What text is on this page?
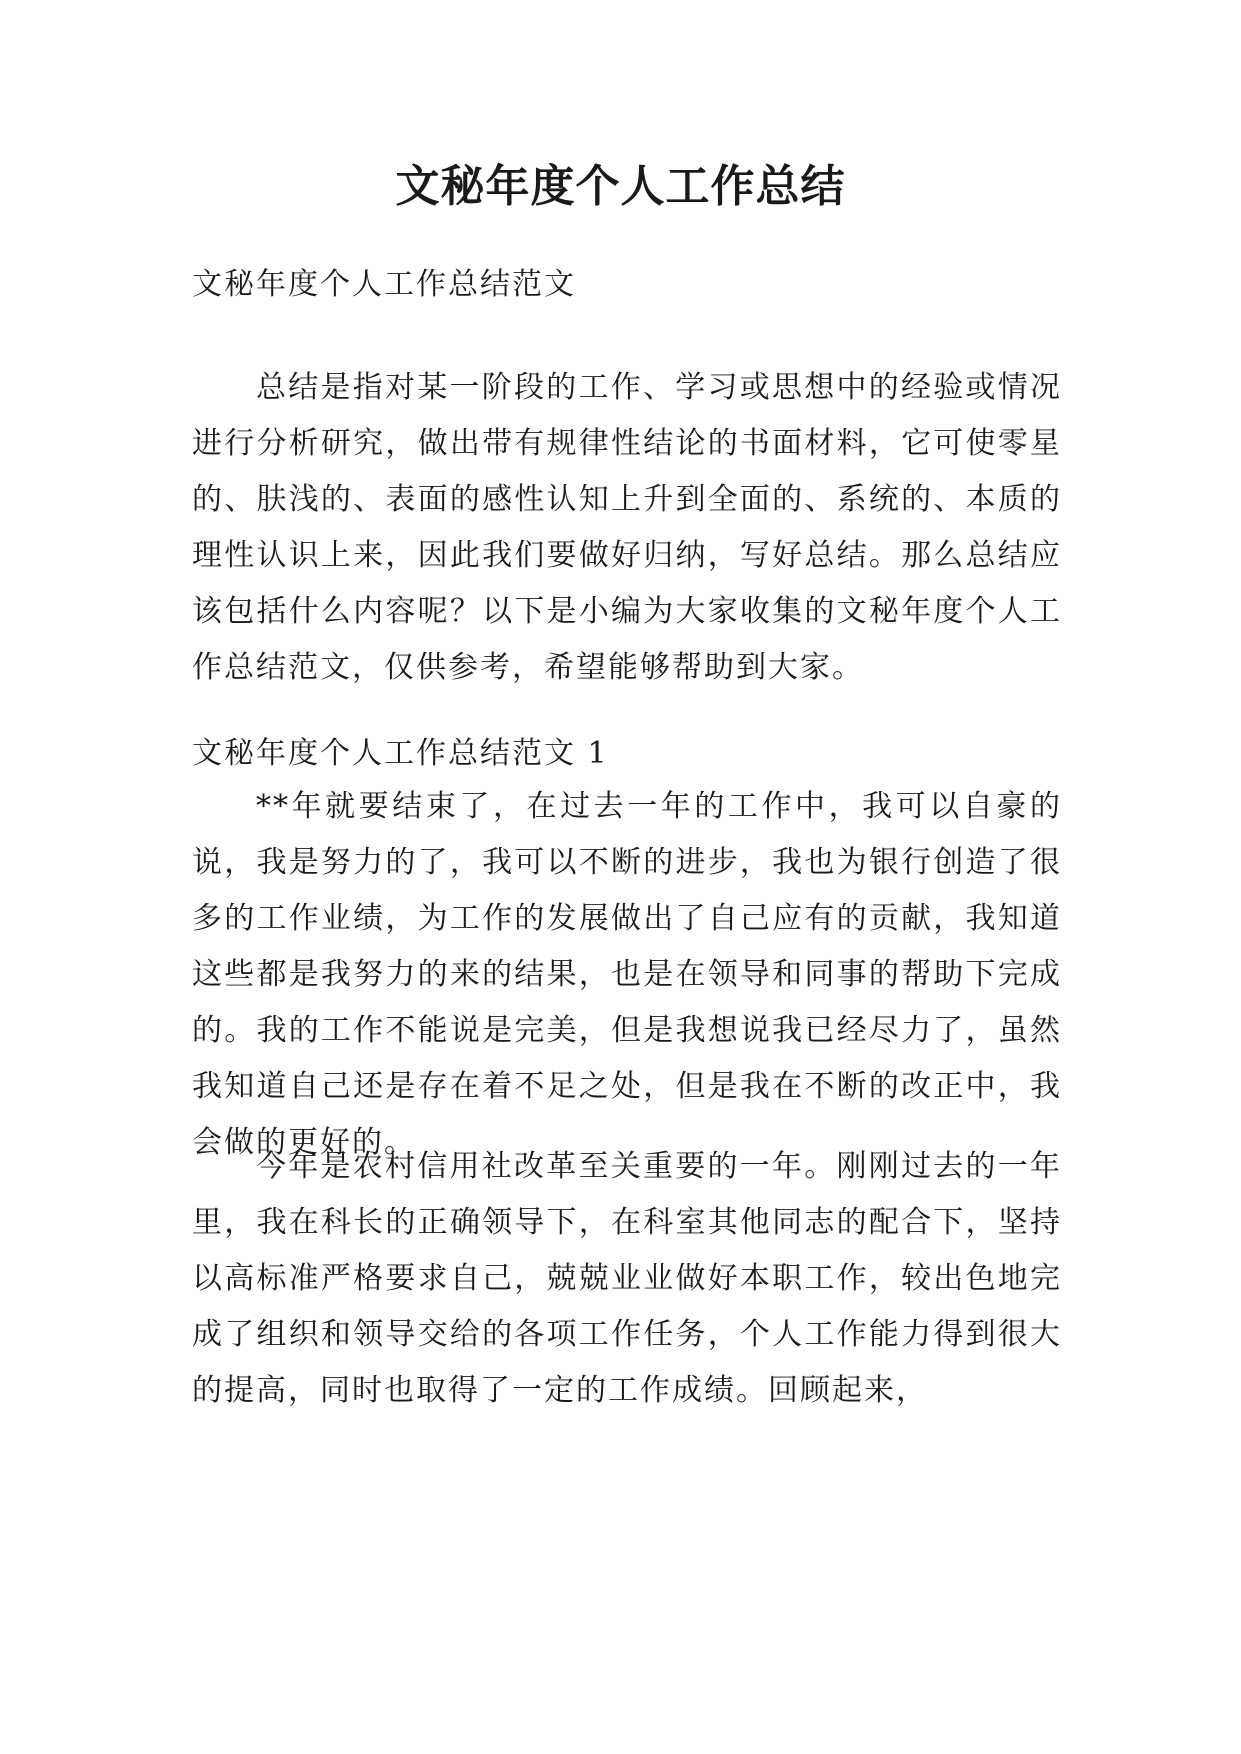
文秘年度个人工作总结
文秘年度个人工作总结范文

总结是指对某一阶段的工作、学习或思想中的经验或情况进行分析研究，做出带有规律性结论的书面材料，它可使零星的、肤浅的、表面的感性认知上升到全面的、系统的、本质的理性认识上来，因此我们要做好归纳，写好总结。那么总结应该包括什么内容呢？以下是小编为大家收集的文秘年度个人工作总结范文，仅供参考，希望能够帮助到大家。

文秘年度个人工作总结范文 1

**年就要结束了，在过去一年的工作中，我可以自豪的说，我是努力的了，我可以不断的进步，我也为银行创造了很多的工作业绩，为工作的发展做出了自己应有的贡献，我知道这些都是我努力的来的结果，也是在领导和同事的帮助下完成的。我的工作不能说是完美，但是我想说我已经尽力了，虽然我知道自己还是存在着不足之处，但是我在不断的改正中，我会做的更好的。

今年是农村信用社改革至关重要的一年。刚刚过去的一年里，我在科长的正确领导下，在科室其他同志的配合下，坚持以高标准严格要求自己，兢兢业业做好本职工作，较出色地完成了组织和领导交给的各项工作任务，个人工作能力得到很大的提高，同时也取得了一定的工作成绩。回顾起来，
